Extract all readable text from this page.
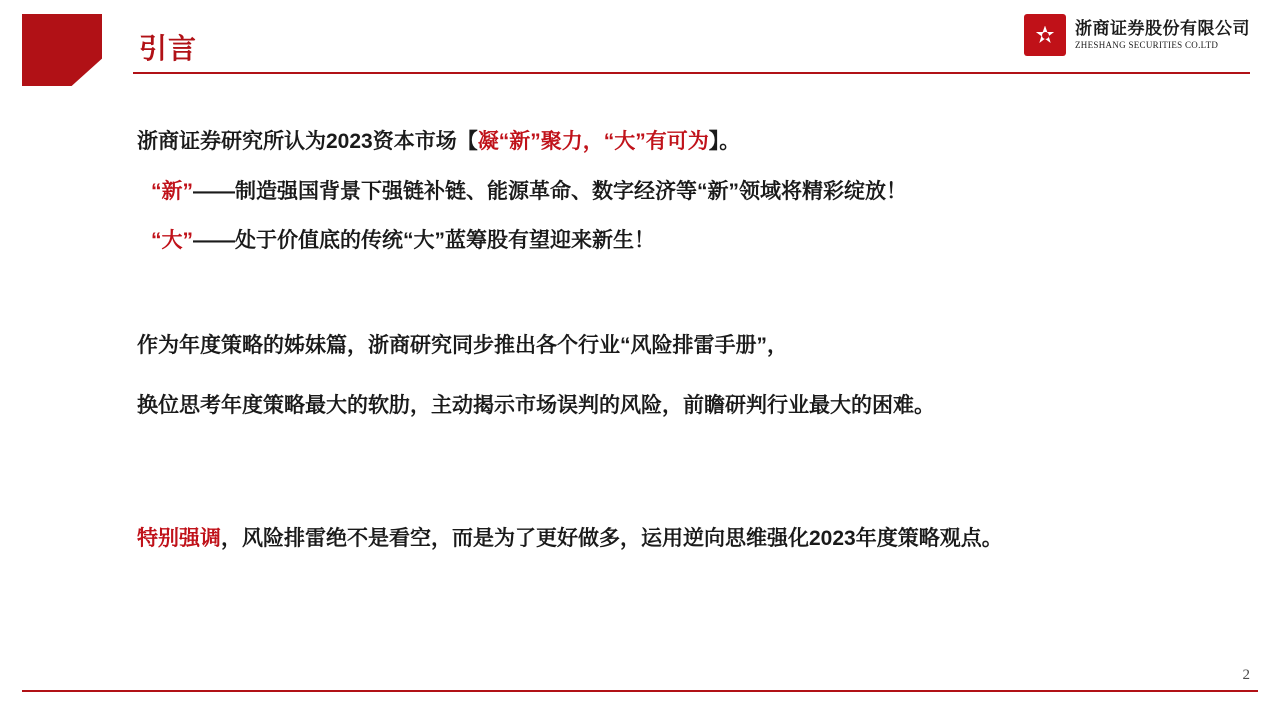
引言
浙商证券股份有限公司
ZHESHANG SECURITIES CO.LTD
浙商证券研究所认为2023资本市场【凝“新”聚力，“大”有可为】。
“新”——制造强国背景下强链补链、能源革命、数字经济等“新”领域将精彩绽放！
“大”——处于价值底的传统“大”蓝筹股有望迎来新生！
作为年度策略的姊妹篇，浙商研究同步推出各个行业“风险排雷手册”，
换位思考年度策略最大的软肋，主动揭示市场误判的风险，前瞻研判行业最大的困难。
特别强调，风险排雷绝不是看空，而是为了更好做多，运用逆向思维强化2023年度策略观点。
2
